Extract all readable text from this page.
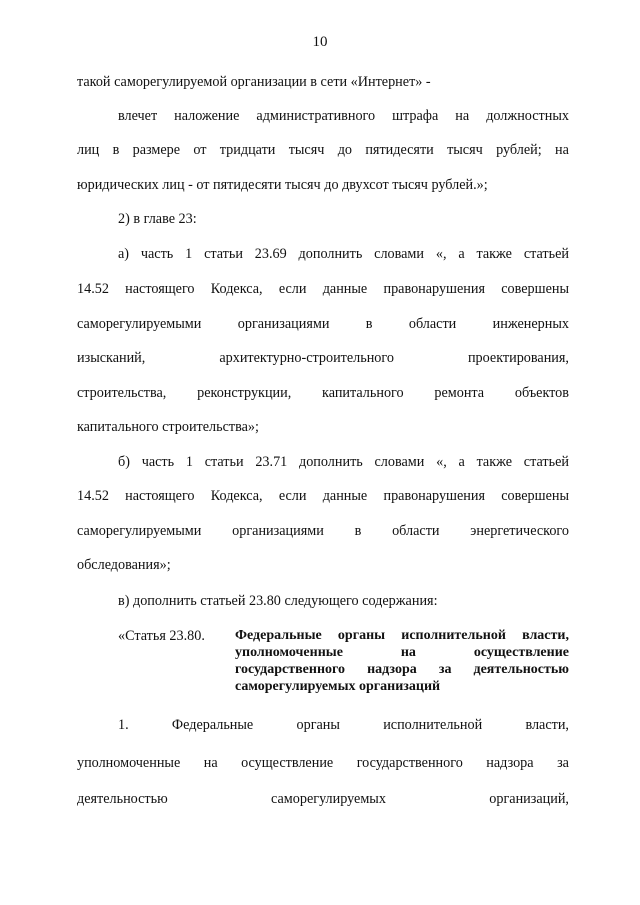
10
такой саморегулируемой организации в сети «Интернет» -
влечет наложение административного штрафа на должностных
лиц в размере от тридцати тысяч до пятидесяти тысяч рублей; на
юридических лиц - от пятидесяти тысяч до двухсот тысяч рублей.»;
2) в главе 23:
а) часть 1 статьи 23.69 дополнить словами «, а также статьей
14.52 настоящего Кодекса, если данные правонарушения совершены
саморегулируемыми	организациями	в	области	инженерных
изысканий,	архитектурно-строительного	проектирования,
строительства, реконструкции, капитального ремонта объектов
капитального строительства»;
б) часть 1 статьи 23.71 дополнить словами «, а также статьей
14.52 настоящего Кодекса, если данные правонарушения совершены
саморегулируемыми организациями в области энергетического
обследования»;
в) дополнить статьей 23.80 следующего содержания:
«Статья 23.80. Федеральные органы исполнительной власти,
уполномоченные	на	осуществление
государственного надзора за деятельностью
саморегулируемых организаций
1.	Федеральные	органы	исполнительной	власти,
уполномоченные на осуществление государственного надзора за
деятельностью	саморегулируемых	организаций,
